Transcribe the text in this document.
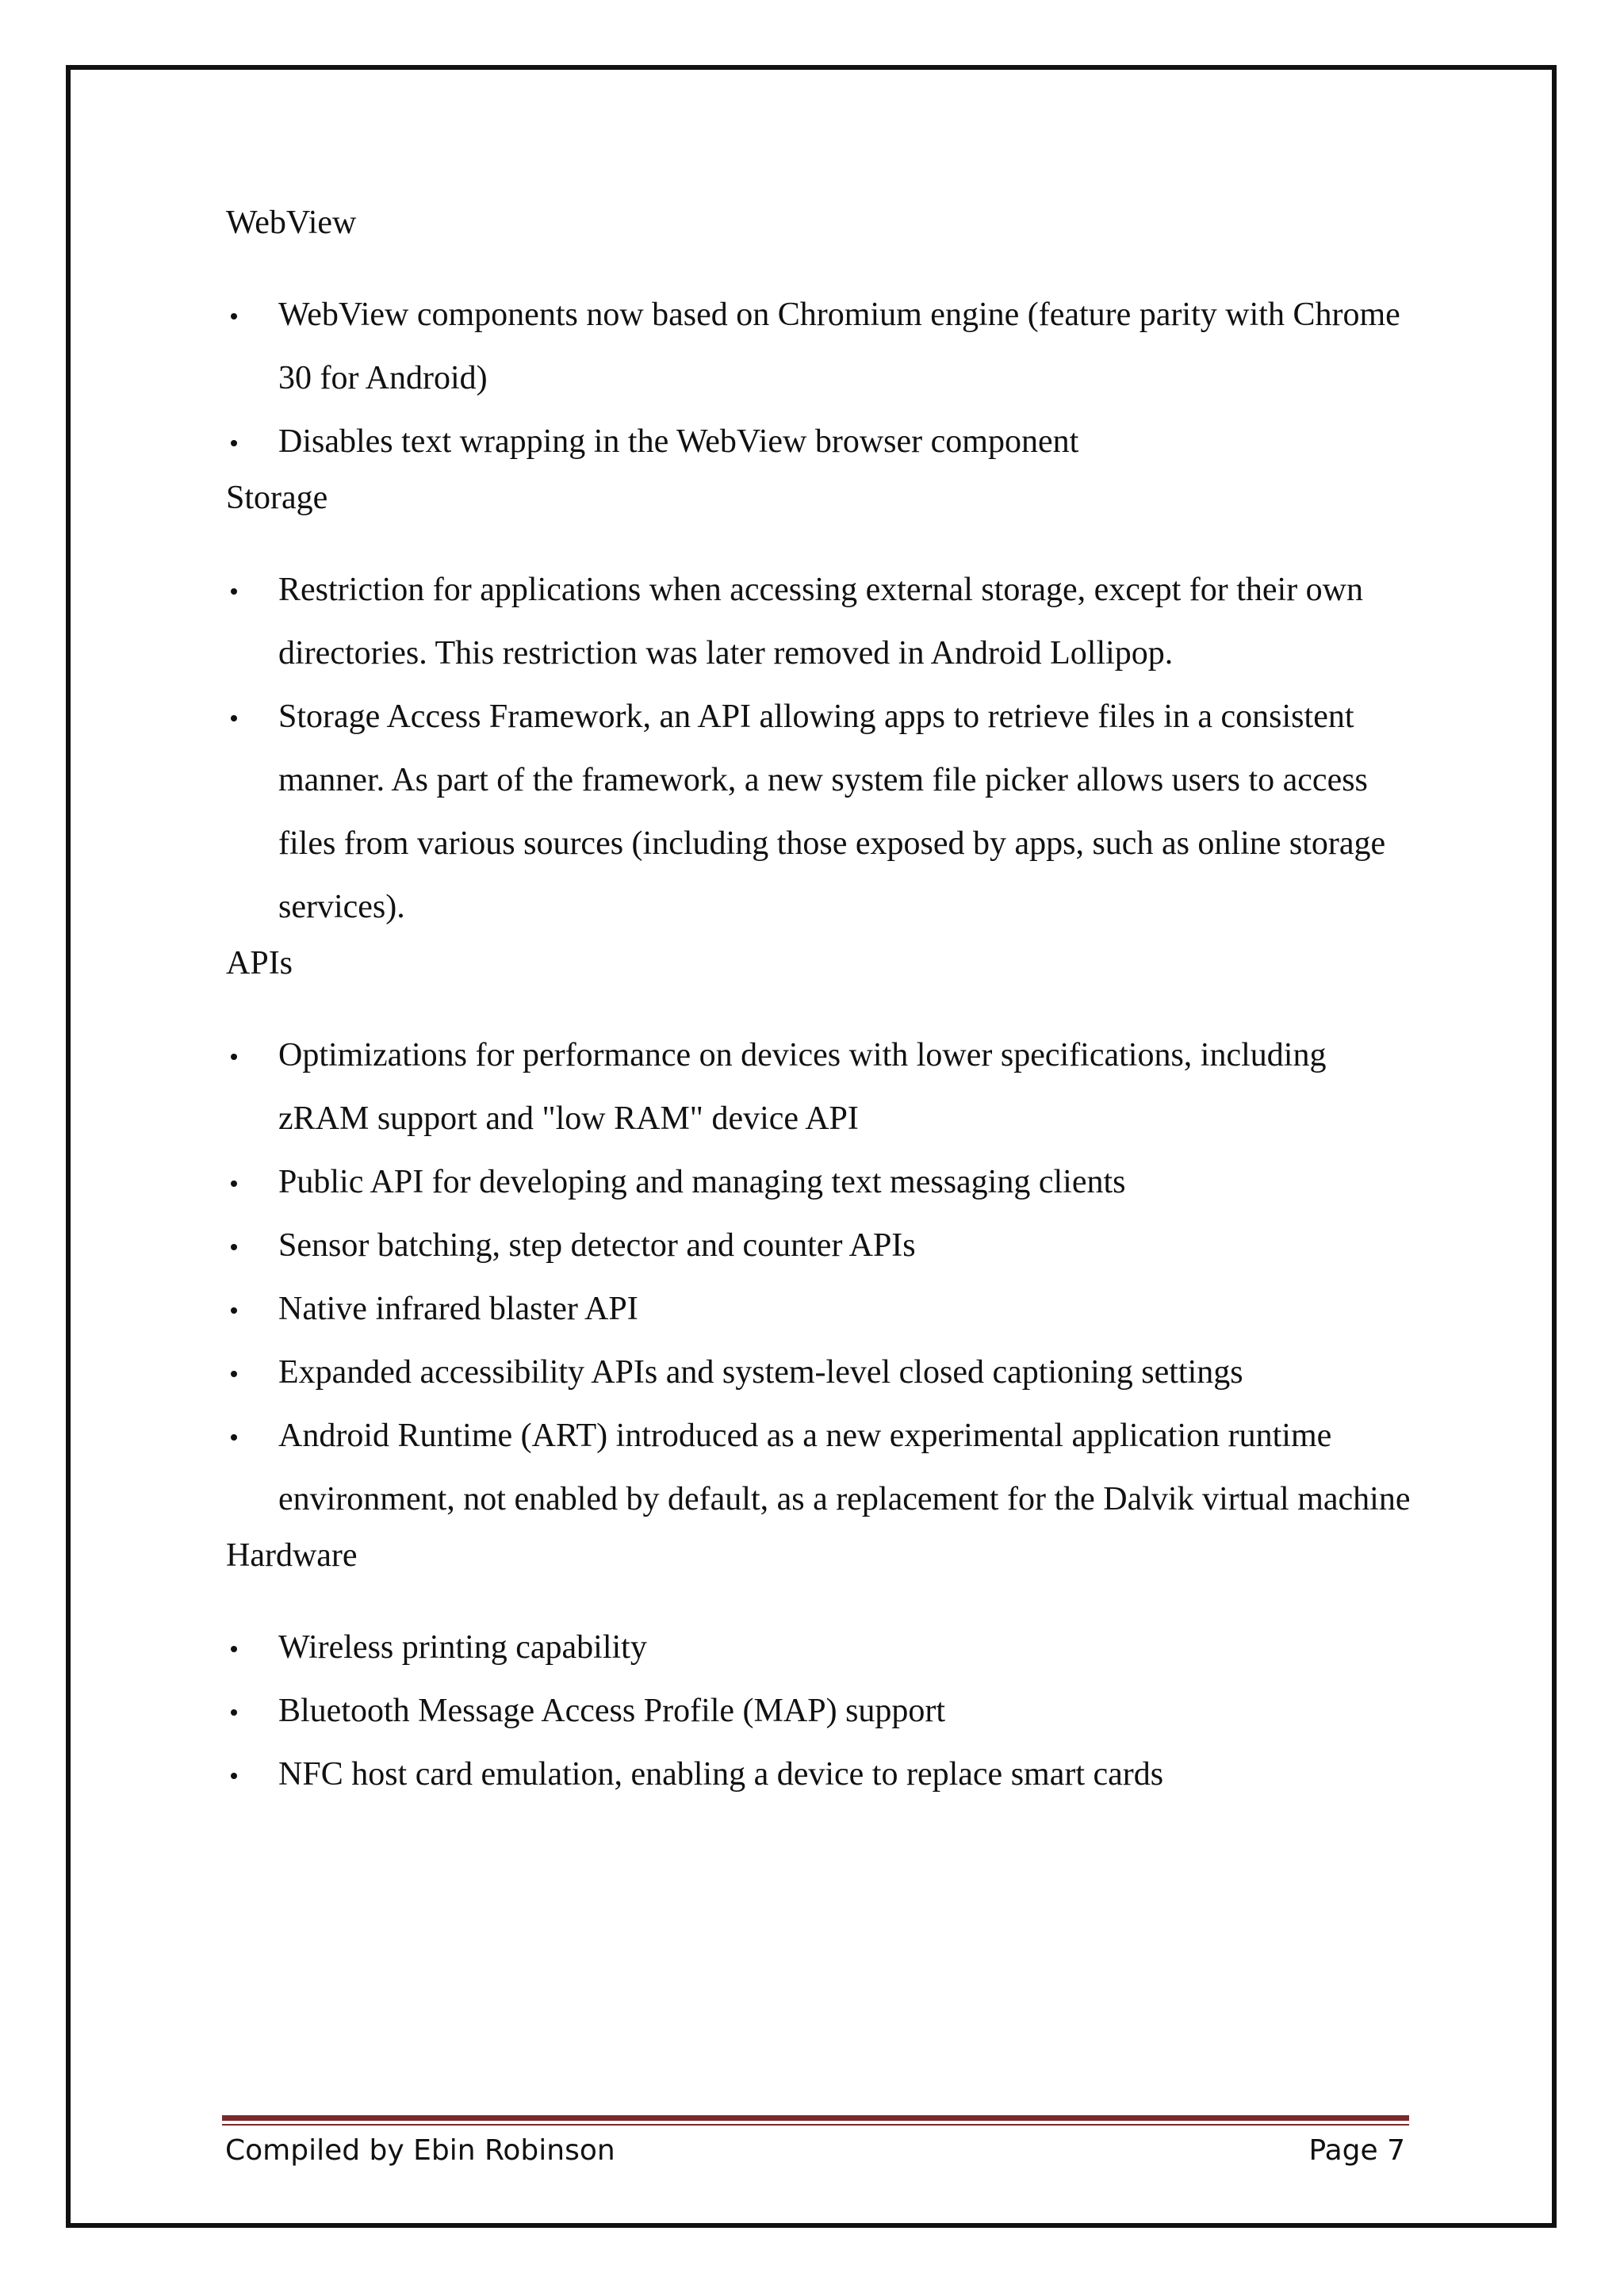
WebView
WebView components now based on Chromium engine (feature parity with Chrome 30 for Android)
Disables text wrapping in the WebView browser component
Storage
Restriction for applications when accessing external storage, except for their own directories. This restriction was later removed in Android Lollipop.
Storage Access Framework, an API allowing apps to retrieve files in a consistent manner. As part of the framework, a new system file picker allows users to access files from various sources (including those exposed by apps, such as online storage services).
APIs
Optimizations for performance on devices with lower specifications, including zRAM support and "low RAM" device API
Public API for developing and managing text messaging clients
Sensor batching, step detector and counter APIs
Native infrared blaster API
Expanded accessibility APIs and system-level closed captioning settings
Android Runtime (ART) introduced as a new experimental application runtime environment, not enabled by default, as a replacement for the Dalvik virtual machine
Hardware
Wireless printing capability
Bluetooth Message Access Profile (MAP) support
NFC host card emulation, enabling a device to replace smart cards
Compiled by Ebin Robinson	Page 7
